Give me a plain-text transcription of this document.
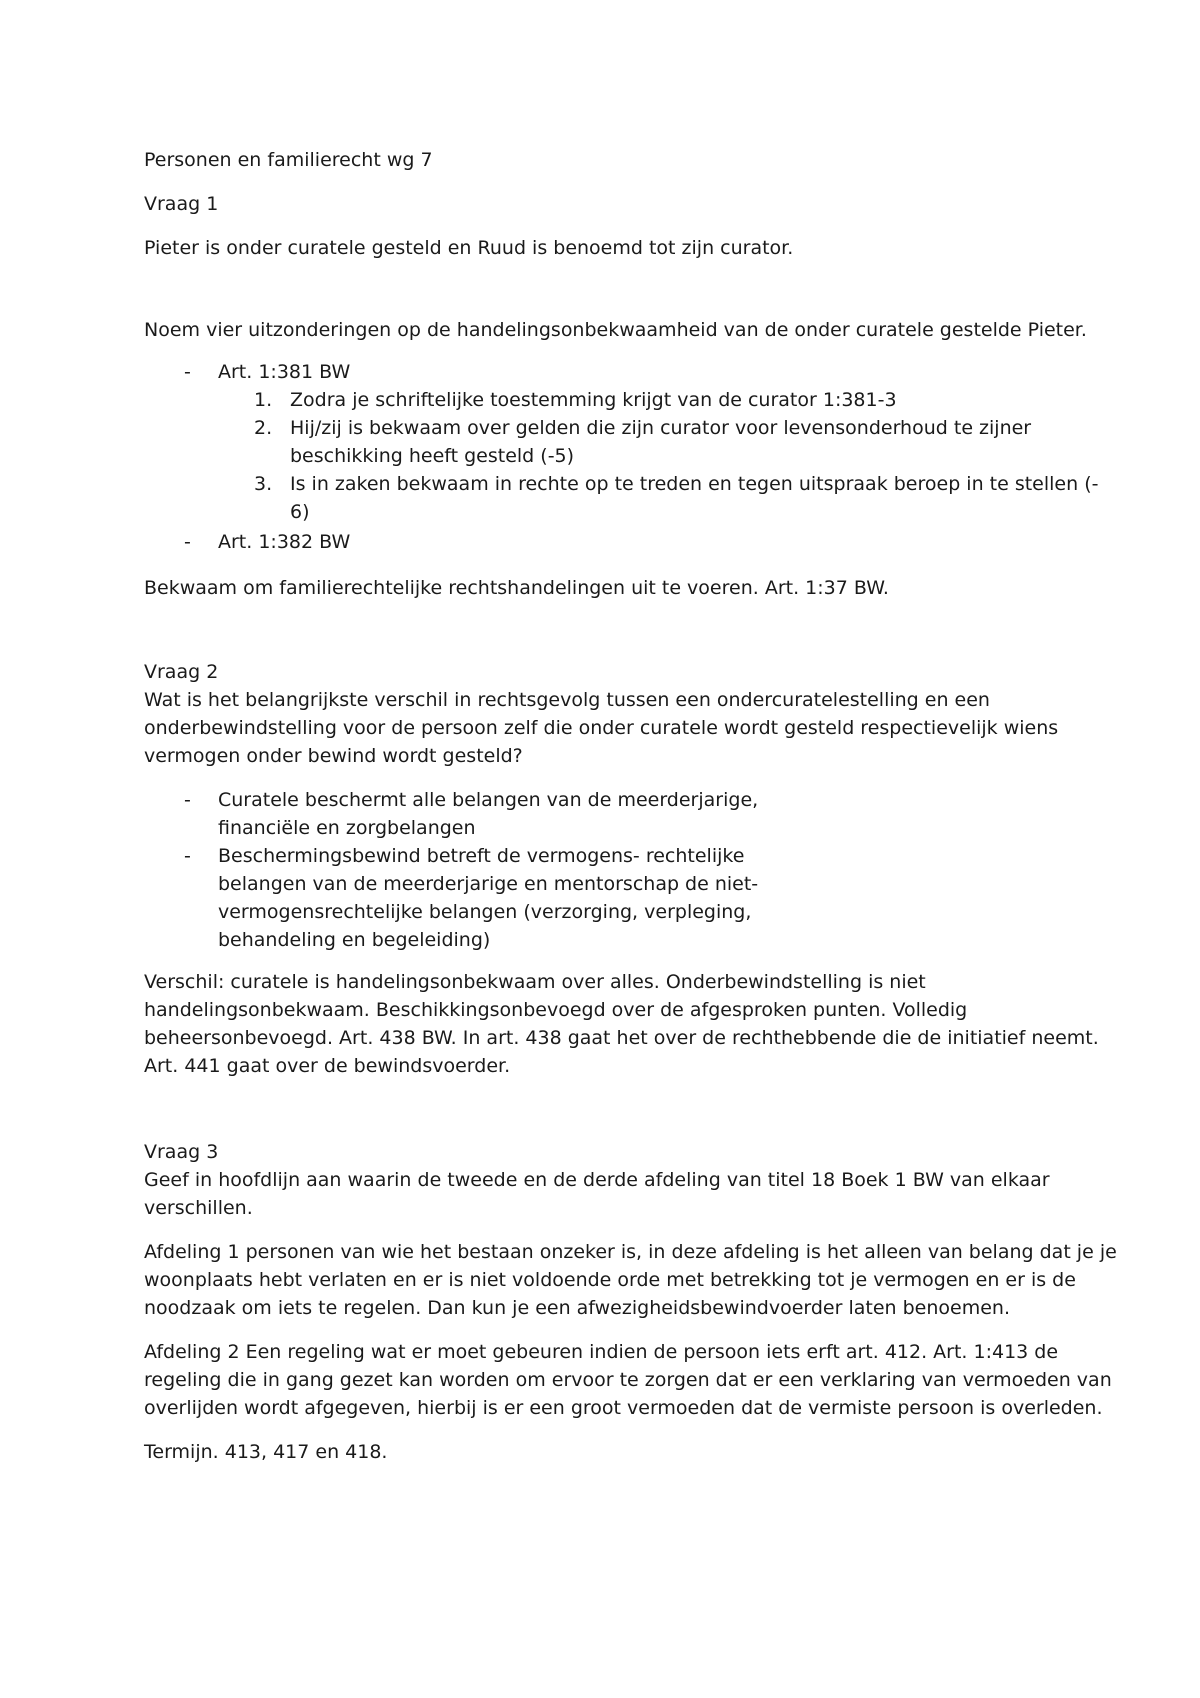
Personen en familierecht wg 7
Vraag 1
Pieter is onder curatele gesteld en Ruud is benoemd tot zijn curator.
Noem vier uitzonderingen op de handelingsonbekwaamheid van de onder curatele gestelde Pieter.
- Art. 1:381 BW
1. Zodra je schriftelijke toestemming krijgt van de curator 1:381-3
2. Hij/zij is bekwaam over gelden die zijn curator voor levensonderhoud te zijner
beschikking heeft gesteld (-5)
3. Is in zaken bekwaam in rechte op te treden en tegen uitspraak beroep in te stellen (-
6)
- Art. 1:382 BW
Bekwaam om familierechtelijke rechtshandelingen uit te voeren. Art. 1:37 BW.
Vraag 2
Wat is het belangrijkste verschil in rechtsgevolg tussen een ondercuratelestelling en een
onderbewindstelling voor de persoon zelf die onder curatele wordt gesteld respectievelijk wiens
vermogen onder bewind wordt gesteld?
- Curatele beschermt alle belangen van de meerderjarige,
financiële en zorgbelangen
- Beschermingsbewind betreft de vermogens- rechtelijke
belangen van de meerderjarige en mentorschap de niet-
vermogensrechtelijke belangen (verzorging, verpleging,
behandeling en begeleiding)
Verschil: curatele is handelingsonbekwaam over alles. Onderbewindstelling is niet
handelingsonbekwaam. Beschikkingsonbevoegd over de afgesproken punten. Volledig
beheersonbevoegd. Art. 438 BW. In art. 438 gaat het over de rechthebbende die de initiatief neemt.
Art. 441 gaat over de bewindsvoerder.
Vraag 3
Geef in hoofdlijn aan waarin de tweede en de derde afdeling van titel 18 Boek 1 BW van elkaar
verschillen.
Afdeling 1 personen van wie het bestaan onzeker is, in deze afdeling is het alleen van belang dat je je
woonplaats hebt verlaten en er is niet voldoende orde met betrekking tot je vermogen en er is de
noodzaak om iets te regelen. Dan kun je een afwezigheidsbewindvoerder laten benoemen.
Afdeling 2 Een regeling wat er moet gebeuren indien de persoon iets erft art. 412. Art. 1:413 de
regeling die in gang gezet kan worden om ervoor te zorgen dat er een verklaring van vermoeden van
overlijden wordt afgegeven, hierbij is er een groot vermoeden dat de vermiste persoon is overleden.
Termijn. 413, 417 en 418.
